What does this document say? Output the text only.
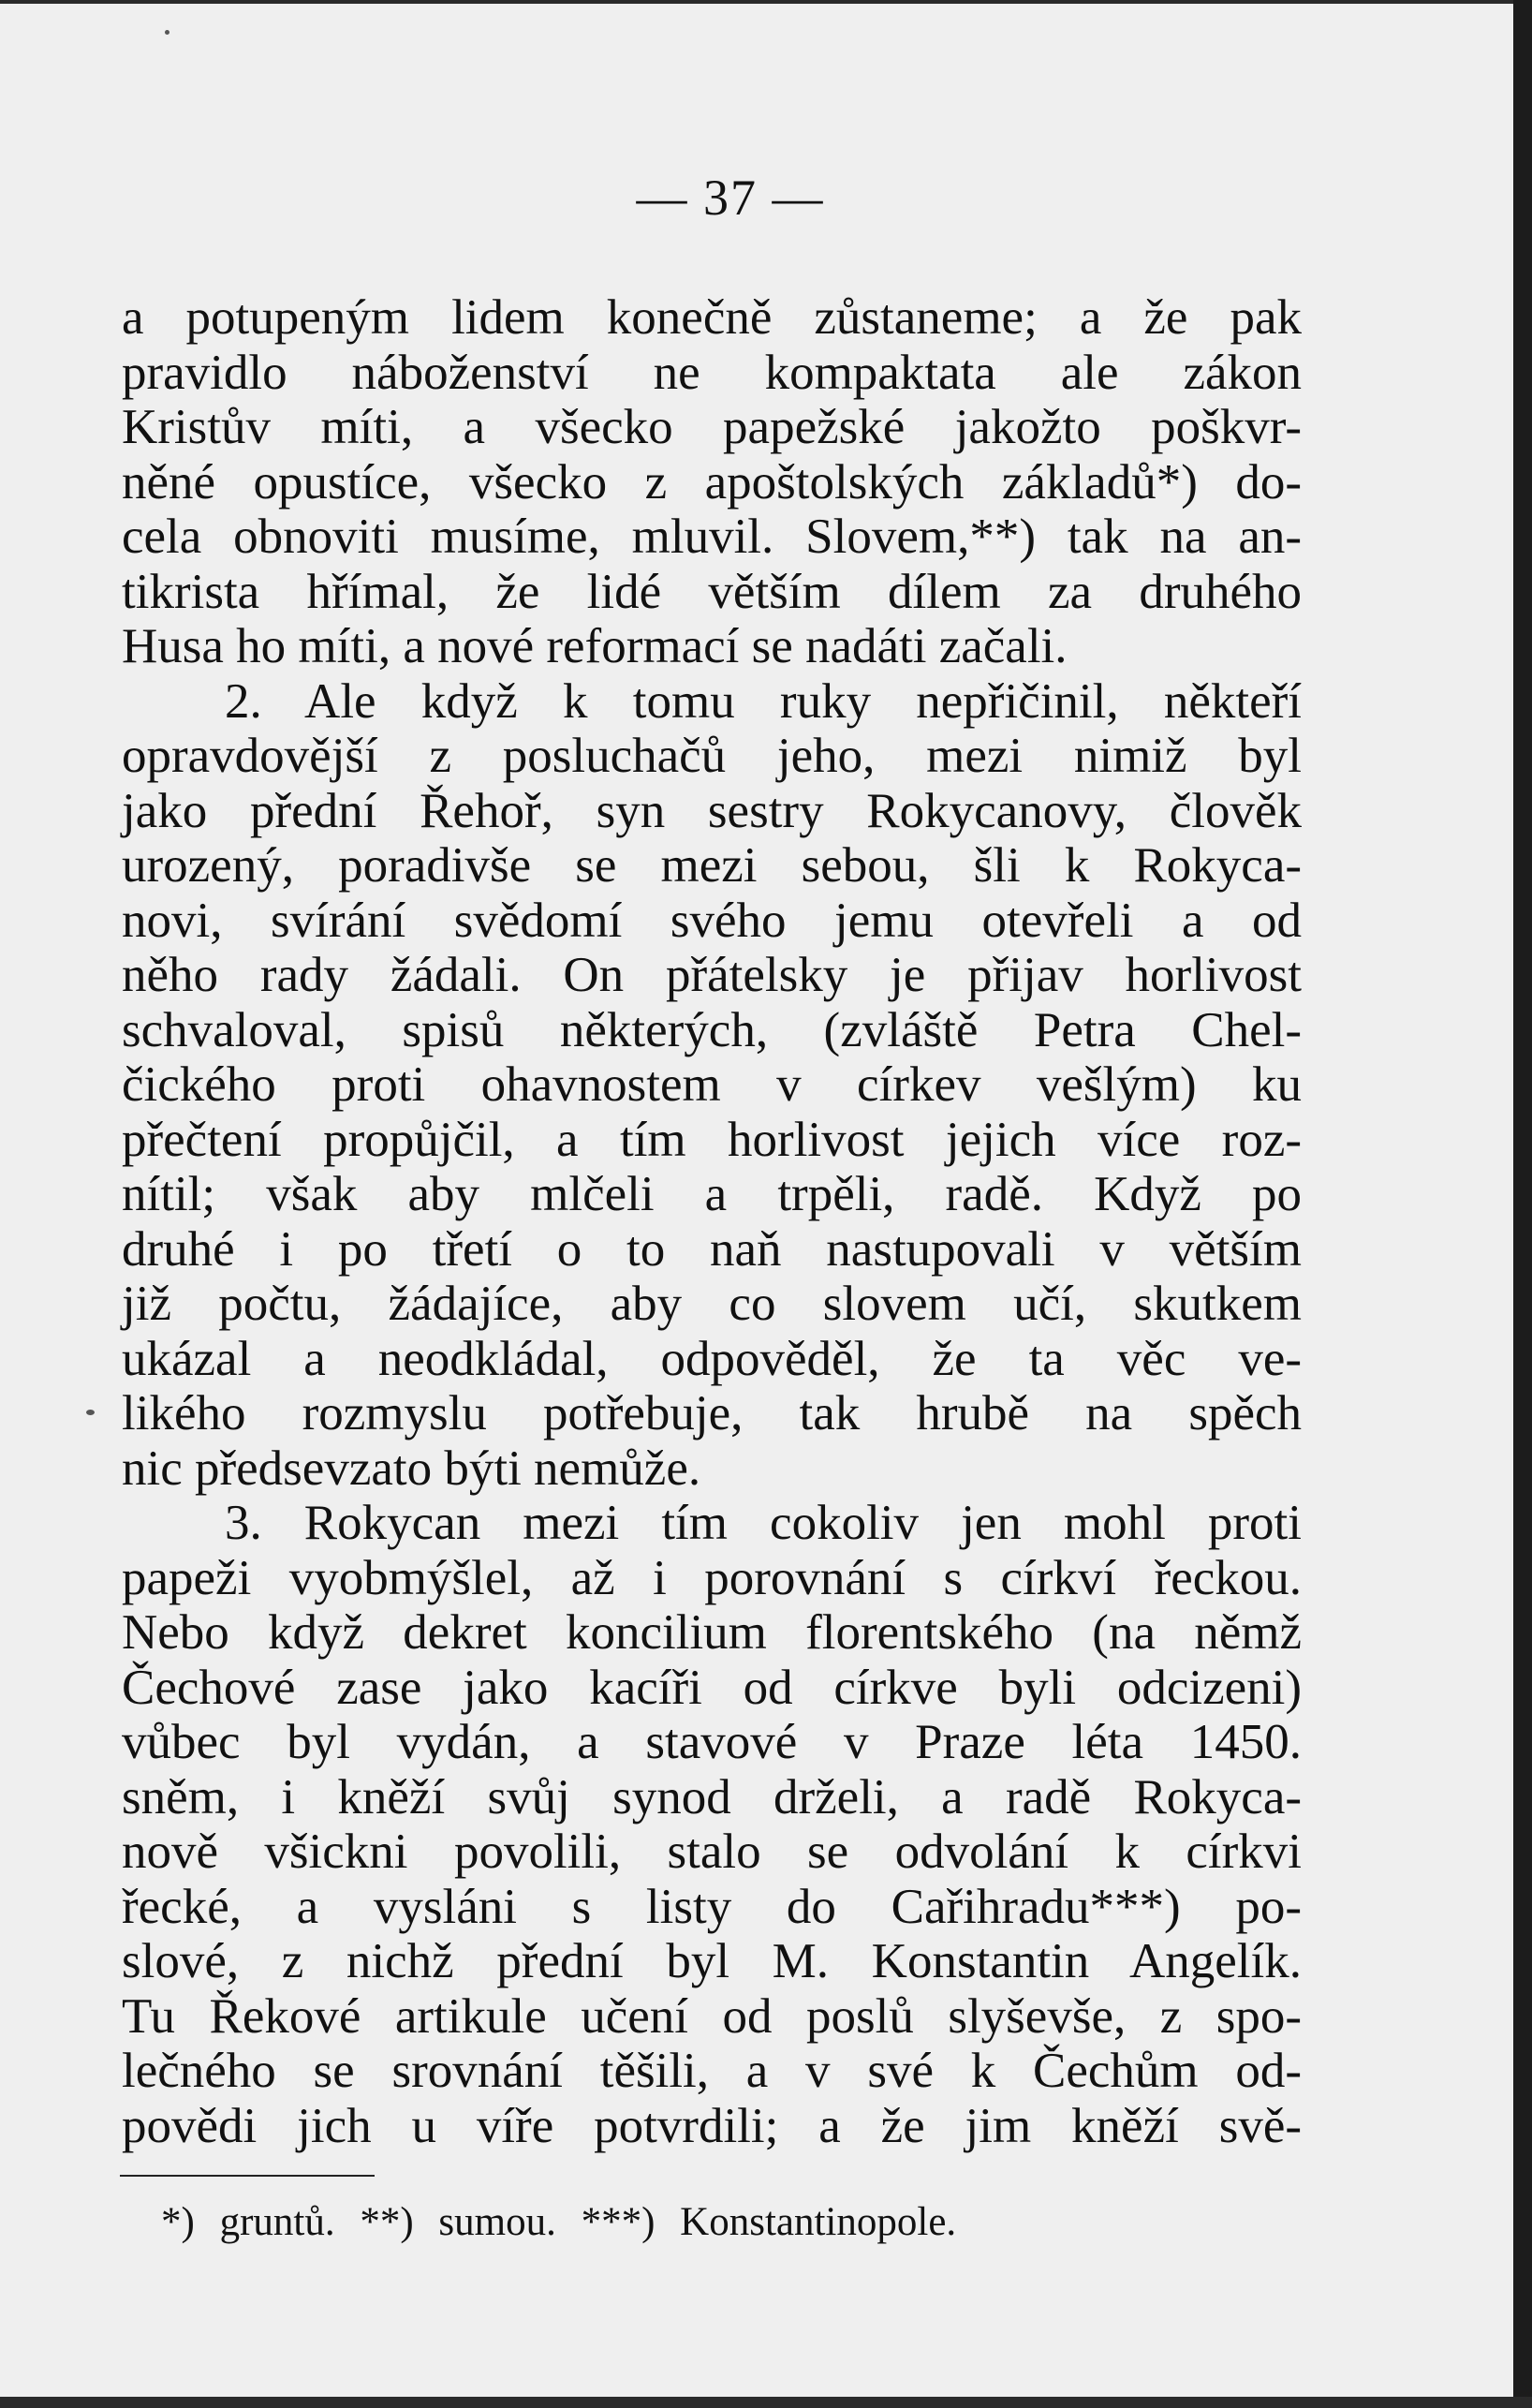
— 37 —
a potupeným lidem konečně zůstaneme; a že pak
pravidlo náboženství ne kompaktata ale zákon
Kristův míti, a všecko papežské jakožto poškvr-
něné opustíce, všecko z apoštolských základů*) do-
cela obnoviti musíme, mluvil. Slovem,**) tak na an-
tikrista hřímal, že lidé větším dílem za druhého
Husa ho míti, a nové reformací se nadáti začali.
2. Ale když k tomu ruky nepřičinil, někteří
opravdovější z posluchačů jeho, mezi nimiž byl
jako přední Řehoř, syn sestry Rokycanovy, člověk
urozený, poradivše se mezi sebou, šli k Rokyca-
novi, svírání svědomí svého jemu otevřeli a od
něho rady žádali. On přátelsky je přijav horlivost
schvaloval, spisů některých, (zvláště Petra Chel-
čického proti ohavnostem v církev vešlým) ku
přečtení propůjčil, a tím horlivost jejich více roz-
nítil; však aby mlčeli a trpěli, radě. Když po
druhé i po třetí o to naň nastupovali v větším
již počtu, žádajíce, aby co slovem učí, skutkem
ukázal a neodkládal, odpověděl, že ta věc ve-
likého rozmyslu potřebuje, tak hrubě na spěch
nic předsevzato býti nemůže.
3. Rokycan mezi tím cokoliv jen mohl proti
papeži vyobmýšlel, až i porovnání s církví řeckou.
Nebo když dekret koncilium florentského (na němž
Čechové zase jako kacíři od církve byli odcizeni)
vůbec byl vydán, a stavové v Praze léta 1450.
sněm, i kněží svůj synod drželi, a radě Rokyca-
nově všickni povolili, stalo se odvolání k církvi
řecké, a vysláni s listy do Cařihradu***) po-
slové, z nichž přední byl M. Konstantin Angelík.
Tu Řekové artikule učení od poslů slyševše, z spo-
lečného se srovnání těšili, a v své k Čechům od-
povědi jich u víře potvrdili; a že jim kněží svě-
*) gruntů. **) sumou. ***) Konstantinopole.
